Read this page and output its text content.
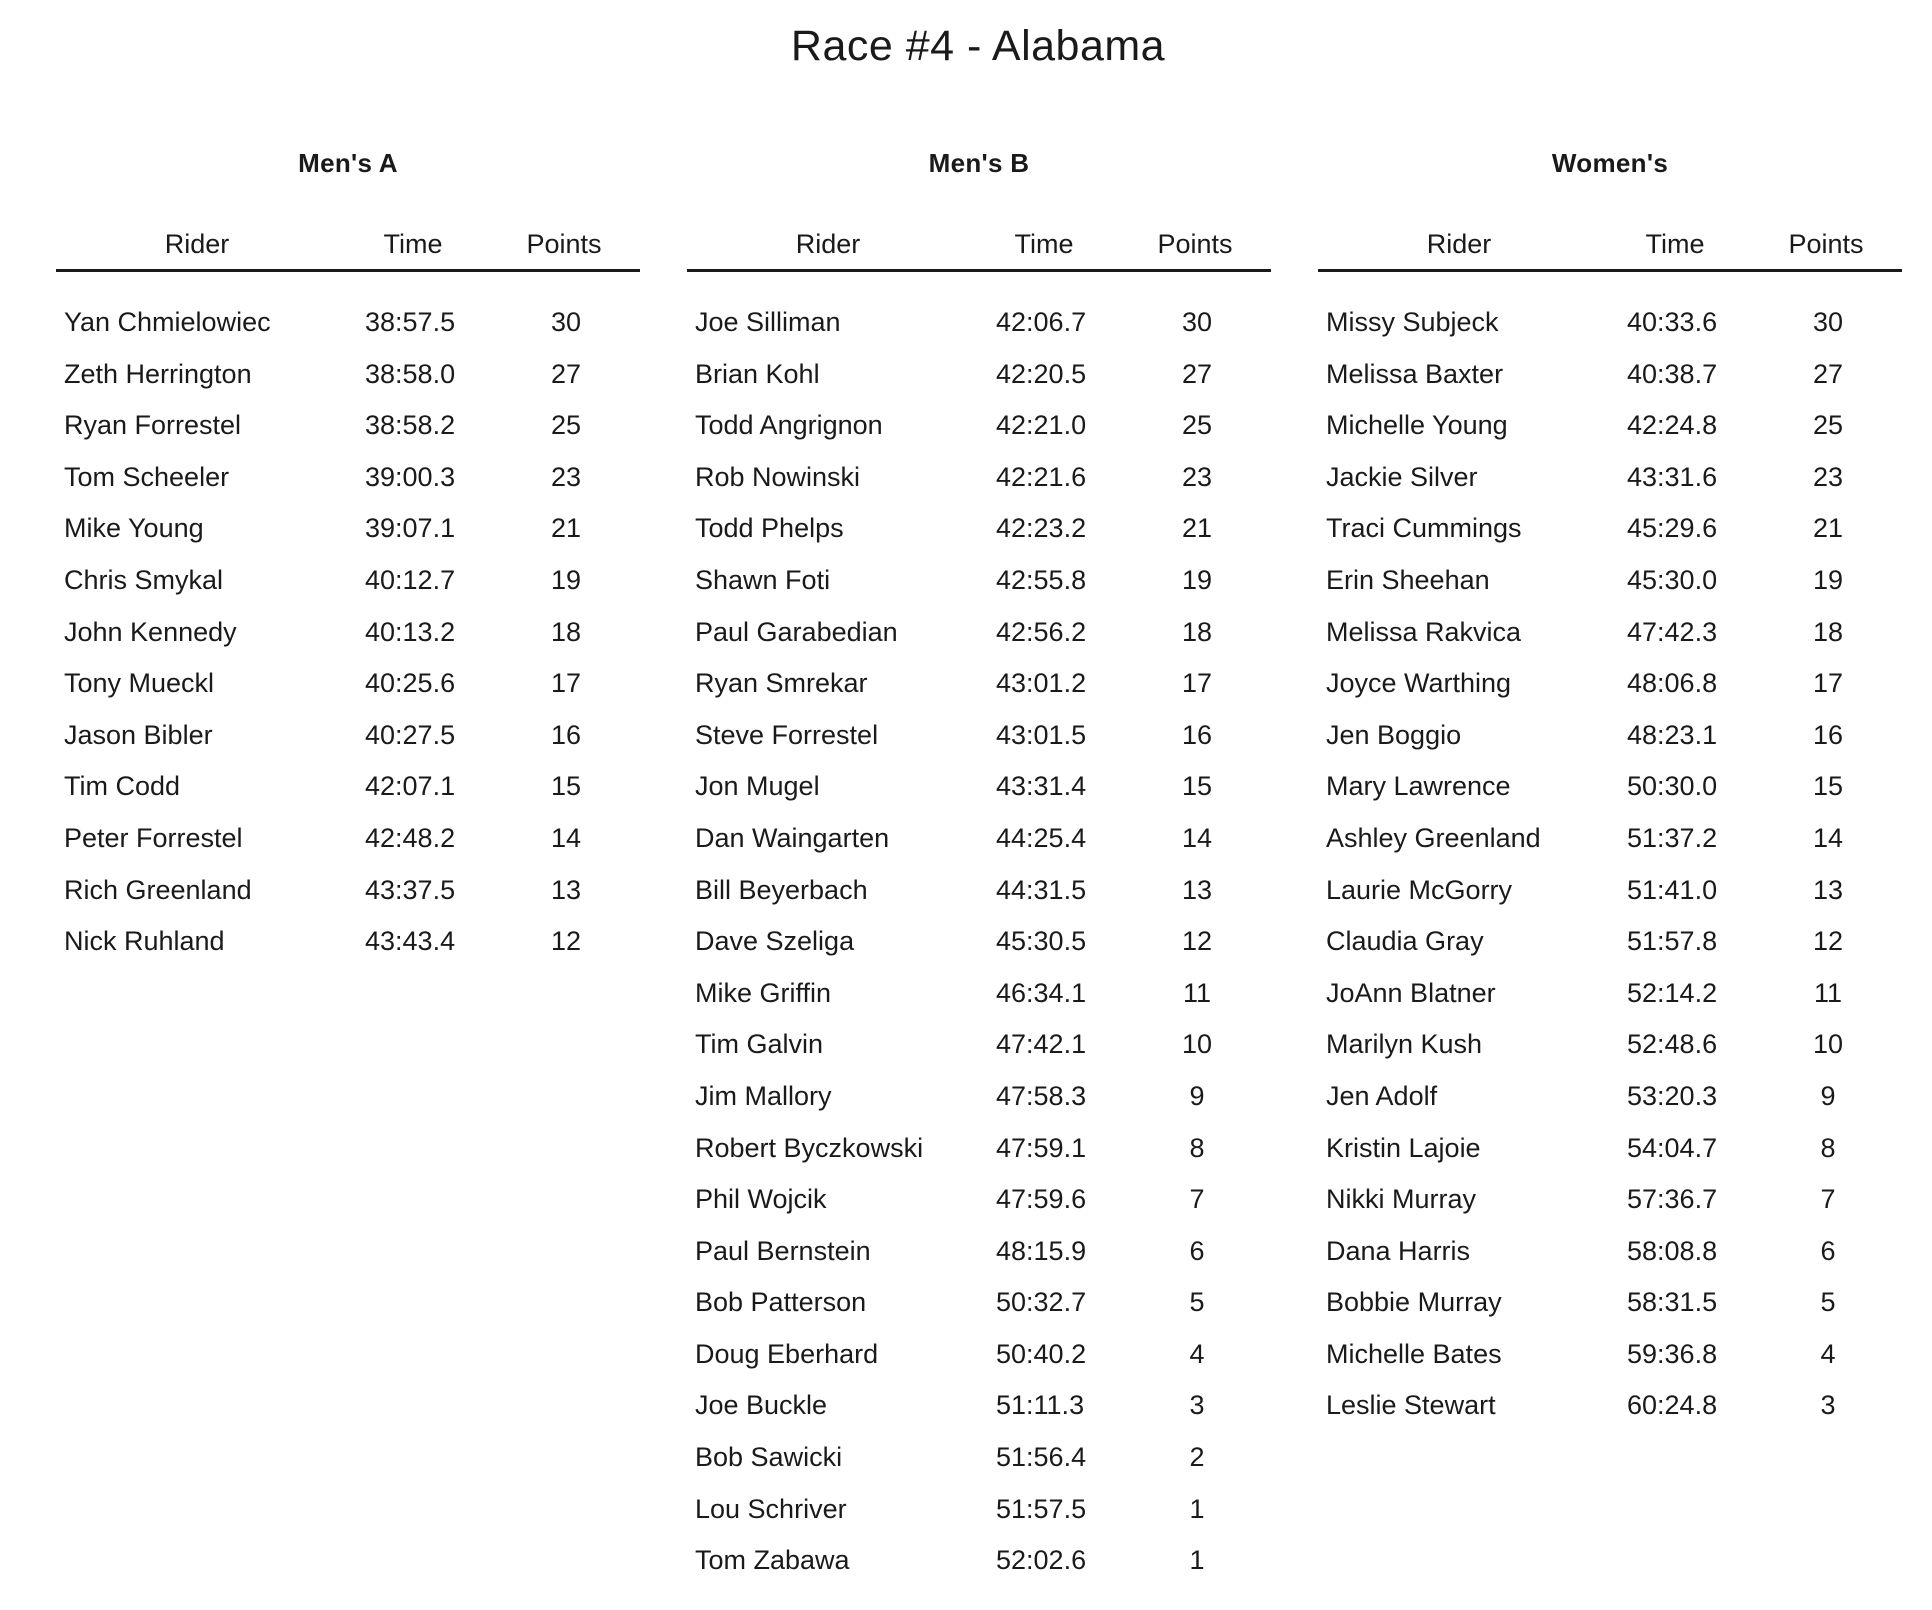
Race #4 - Alabama
Men's A
Rider	Time	Points
Yan Chmielowiec	38:57.5	30
Zeth Herrington	38:58.0	27
Ryan Forrestel	38:58.2	25
Tom Scheeler	39:00.3	23
Mike Young	39:07.1	21
Chris Smykal	40:12.7	19
John Kennedy	40:13.2	18
Tony Mueckl	40:25.6	17
Jason Bibler	40:27.5	16
Tim Codd	42:07.1	15
Peter Forrestel	42:48.2	14
Rich Greenland	43:37.5	13
Nick Ruhland	43:43.4	12
Men's B
Rider	Time	Points
Joe Silliman	42:06.7	30
Brian Kohl	42:20.5	27
Todd Angrignon	42:21.0	25
Rob Nowinski	42:21.6	23
Todd Phelps	42:23.2	21
Shawn Foti	42:55.8	19
Paul Garabedian	42:56.2	18
Ryan Smrekar	43:01.2	17
Steve Forrestel	43:01.5	16
Jon Mugel	43:31.4	15
Dan Waingarten	44:25.4	14
Bill Beyerbach	44:31.5	13
Dave Szeliga	45:30.5	12
Mike Griffin	46:34.1	11
Tim Galvin	47:42.1	10
Jim Mallory	47:58.3	9
Robert Byczkowski	47:59.1	8
Phil Wojcik	47:59.6	7
Paul Bernstein	48:15.9	6
Bob Patterson	50:32.7	5
Doug Eberhard	50:40.2	4
Joe Buckle	51:11.3	3
Bob Sawicki	51:56.4	2
Lou Schriver	51:57.5	1
Tom Zabawa	52:02.6	1
Women's
Rider	Time	Points
Missy Subjeck	40:33.6	30
Melissa Baxter	40:38.7	27
Michelle Young	42:24.8	25
Jackie Silver	43:31.6	23
Traci Cummings	45:29.6	21
Erin Sheehan	45:30.0	19
Melissa Rakvica	47:42.3	18
Joyce Warthing	48:06.8	17
Jen Boggio	48:23.1	16
Mary Lawrence	50:30.0	15
Ashley Greenland	51:37.2	14
Laurie McGorry	51:41.0	13
Claudia Gray	51:57.8	12
JoAnn Blatner	52:14.2	11
Marilyn Kush	52:48.6	10
Jen Adolf	53:20.3	9
Kristin Lajoie	54:04.7	8
Nikki Murray	57:36.7	7
Dana Harris	58:08.8	6
Bobbie Murray	58:31.5	5
Michelle Bates	59:36.8	4
Leslie Stewart	60:24.8	3
